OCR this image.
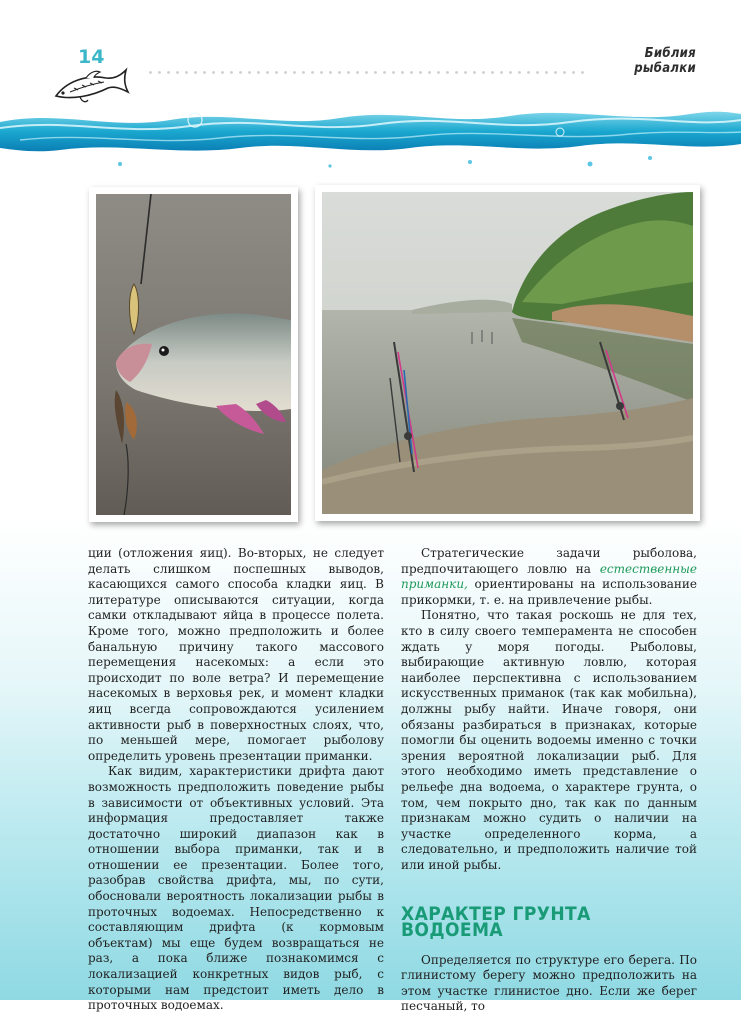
14	Библия рыбалки

ции (отложения яиц). Во-вторых, не следует делать слишком поспешных выводов, касающихся самого способа кладки яиц. В литературе описываются ситуации, когда самки откладывают яйца в процессе полета. Кроме того, можно предположить и более банальную причину такого массового перемещения насекомых: а если это происходит по воле ветра? И перемещение насекомых в верховья рек, и момент кладки яиц всегда сопровождаются усилением активности рыб в поверхностных слоях, что, по меньшей мере, помогает рыболову определить уровень презентации приманки.

Как видим, характеристики дрифта дают возможность предположить поведение рыбы в зависимости от объективных условий. Эта информация предоставляет также достаточно широкий диапазон как в отношении выбора приманки, так и в отношении ее презентации. Более того, разобрав свойства дрифта, мы, по сути, обосновали вероятность локализации рыбы в проточных водоемах. Непосредственно к составляющим дрифта (к кормовым объектам) мы еще будем возвращаться не раз, а пока ближе познакомимся с локализацией конкретных видов рыб, с которыми нам предстоит иметь дело в проточных водоемах.

Стратегические задачи рыболова, предпочитающего ловлю на естественные приманки, ориентированы на использование прикормки, т. е. на привлечение рыбы.

Понятно, что такая роскошь не для тех, кто в силу своего темперамента не способен ждать у моря погоды. Рыболовы, выбирающие активную ловлю, которая наиболее перспективна с использованием искусственных приманок (так как мобильна), должны рыбу найти. Иначе говоря, они обязаны разбираться в признаках, которые помогли бы оценить водоемы именно с точки зрения вероятной локализации рыб. Для этого необходимо иметь представление о рельефе дна водоема, о характере грунта, о том, чем покрыто дно, так как по данным признакам можно судить о наличии на участке определенного корма, а следовательно, и предположить наличие той или иной рыбы.

ХАРАКТЕР ГРУНТА ВОДОЕМА

Определяется по структуре его берега. По глинистому берегу можно предположить на этом участке глинистое дно. Если же берег песчаный, то
